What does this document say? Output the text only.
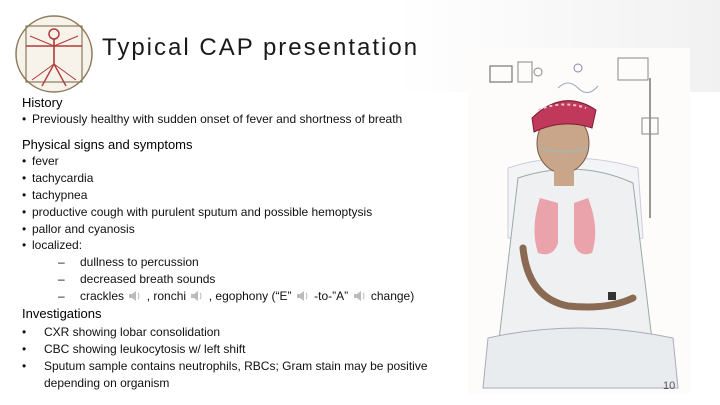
Typical CAP presentation
History
• Previously healthy with sudden onset of fever and shortness of breath
Physical signs and symptoms
• fever
• tachycardia
• tachypnea
• productive cough with purulent sputum and possible hemoptysis
• pallor and cyanosis
• localized:
– dullness to percussion
– decreased breath sounds
– crackles , ronchi , egophony (“E” -to-”A” change)
Investigations
• CXR showing lobar consolidation
• CBC showing leukocytosis w/ left shift
• Sputum sample contains neutrophils, RBCs; Gram stain may be positive
depending on organism	10
